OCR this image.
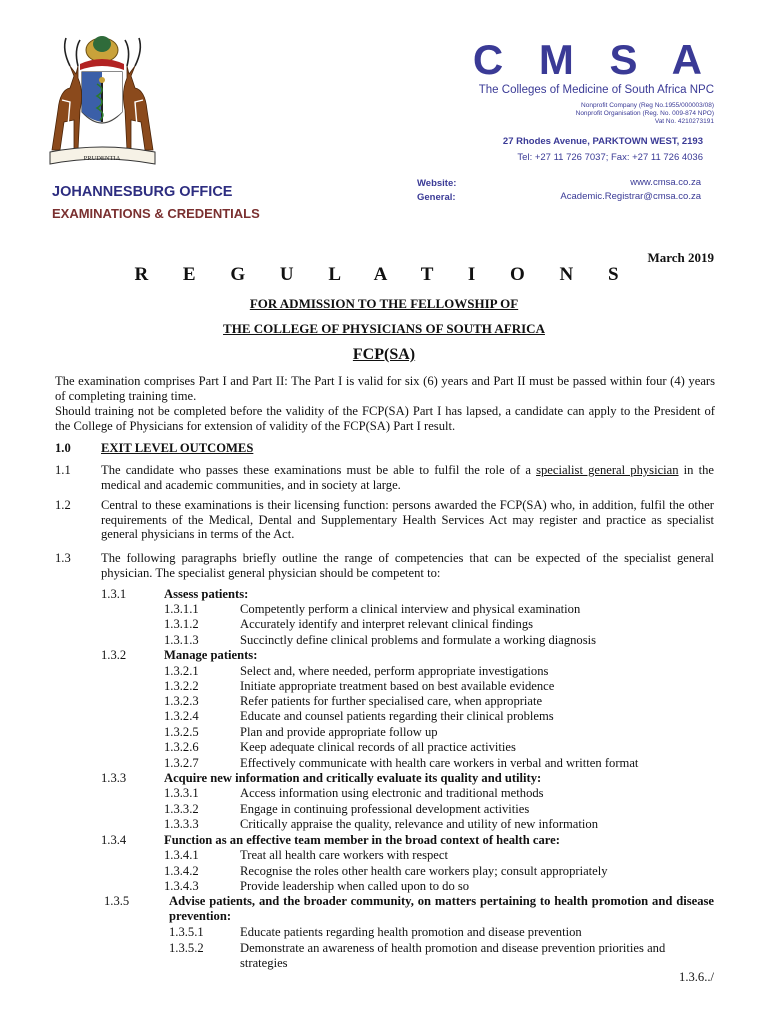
PRUDENTIA
C M S A
The Colleges of Medicine of South Africa NPC
Nonprofit Company (Reg No.1955/000003/08)
Nonprofit Organisation (Reg. No. 009-874 NPO)
Vat No. 4210273191
27 Rhodes Avenue, PARKTOWN WEST, 2193
Tel: +27 11 726 7037; Fax: +27 11 726 4036
JOHANNESBURG OFFICE
EXAMINATIONS & CREDENTIALS
Website:	www.cmsa.co.za
General:	Academic.Registrar@cmsa.co.za
March 2019
R E G U L A T I O N S
FOR ADMISSION TO THE FELLOWSHIP OF
THE COLLEGE OF PHYSICIANS OF SOUTH AFRICA
FCP(SA)
The examination comprises Part I and Part II: The Part I is valid for six (6) years and Part II must be passed within four (4) years of completing training time.
Should training not be completed before the validity of the FCP(SA) Part I has lapsed, a candidate can apply to the President of the College of Physicians for extension of validity of the FCP(SA) Part I result.
1.0 EXIT LEVEL OUTCOMES
1.1 The candidate who passes these examinations must be able to fulfil the role of a specialist general physician in the medical and academic communities, and in society at large.
1.2 Central to these examinations is their licensing function: persons awarded the FCP(SA) who, in addition, fulfil the other requirements of the Medical, Dental and Supplementary Health Services Act may register and practice as specialist general physicians in terms of the Act.
1.3 The following paragraphs briefly outline the range of competencies that can be expected of the specialist general physician. The specialist general physician should be competent to:
1.3.1	Assess patients:
1.3.1.1	Competently perform a clinical interview and physical examination
1.3.1.2	Accurately identify and interpret relevant clinical findings
1.3.1.3	Succinctly define clinical problems and formulate a working diagnosis
1.3.2	Manage patients:
1.3.2.1	Select and, where needed, perform appropriate investigations
1.3.2.2	Initiate appropriate treatment based on best available evidence
1.3.2.3	Refer patients for further specialised care, when appropriate
1.3.2.4	Educate and counsel patients regarding their clinical problems
1.3.2.5	Plan and provide appropriate follow up
1.3.2.6	Keep adequate clinical records of all practice activities
1.3.2.7	Effectively communicate with health care workers in verbal and written format
1.3.3	Acquire new information and critically evaluate its quality and utility:
1.3.3.1	Access information using electronic and traditional methods
1.3.3.2	Engage in continuing professional development activities
1.3.3.3	Critically appraise the quality, relevance and utility of new information
1.3.4	Function as an effective team member in the broad context of health care:
1.3.4.1	Treat all health care workers with respect
1.3.4.2	Recognise the roles other health care workers play; consult appropriately
1.3.4.3	Provide leadership when called upon to do so
1.3.5	Advise patients, and the broader community, on matters pertaining to health promotion and disease prevention:
1.3.5.1	Educate patients regarding health promotion and disease prevention
1.3.5.2	Demonstrate an awareness of health promotion and disease prevention priorities and strategies
1.3.6../
